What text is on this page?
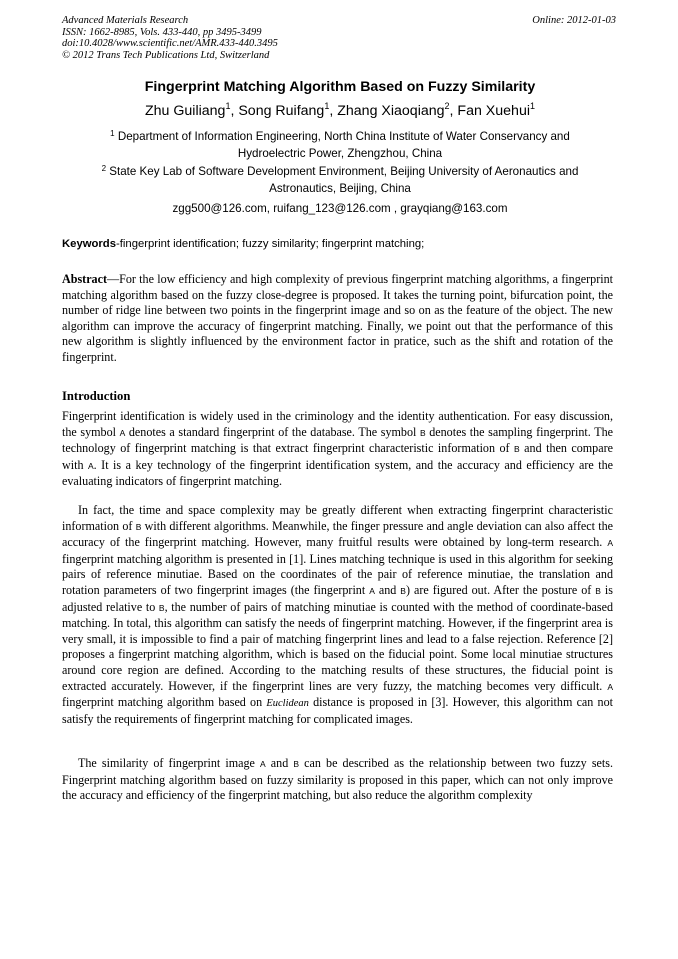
Advanced Materials Research
ISSN: 1662-8985, Vols. 433-440, pp 3495-3499
doi:10.4028/www.scientific.net/AMR.433-440.3495
© 2012 Trans Tech Publications Ltd, Switzerland
Online: 2012-01-03
Fingerprint Matching Algorithm Based on Fuzzy Similarity
Zhu Guiliang$^1$, Song Ruifang$^1$, Zhang Xiaoqiang$^2$, Fan Xuehui$^1$
$^1$ Department of Information Engineering, North China Institute of Water Conservancy and Hydroelectric Power, Zhengzhou, China
$^2$ State Key Lab of Software Development Environment, Beijing University of Aeronautics and Astronautics, Beijing, China
zgg500@126.com, ruifang_123@126.com , grayqiang@163.com
Keywords-fingerprint identification; fuzzy similarity; fingerprint matching;
Abstract—For the low efficiency and high complexity of previous fingerprint matching algorithms, a fingerprint matching algorithm based on the fuzzy close-degree is proposed. It takes the turning point, bifurcation point, the number of ridge line between two points in the fingerprint image and so on as the feature of the object. The new algorithm can improve the accuracy of fingerprint matching. Finally, we point out that the performance of this new algorithm is slightly influenced by the environment factor in pratice, such as the shift and rotation of the fingerprint.
Introduction
Fingerprint identification is widely used in the criminology and the identity authentication. For easy discussion, the symbol A denotes a standard fingerprint of the database. The symbol B denotes the sampling fingerprint. The technology of fingerprint matching is that extract fingerprint characteristic information of B and then compare with A. It is a key technology of the fingerprint identification system, and the accuracy and efficiency are the evaluating indicators of fingerprint matching.
In fact, the time and space complexity may be greatly different when extracting fingerprint characteristic information of B with different algorithms. Meanwhile, the finger pressure and angle deviation can also affect the accuracy of the fingerprint matching. However, many fruitful results were obtained by long-term research. A fingerprint matching algorithm is presented in [1]. Lines matching technique is used in this algorithm for seeking pairs of reference minutiae. Based on the coordinates of the pair of reference minutiae, the translation and rotation parameters of two fingerprint images (the fingerprint A and B) are figured out. After the posture of B is adjusted relative to B, the number of pairs of matching minutiae is counted with the method of coordinate-based matching. In total, this algorithm can satisfy the needs of fingerprint matching. However, if the fingerprint area is very small, it is impossible to find a pair of matching fingerprint lines and lead to a false rejection. Reference [2] proposes a fingerprint matching algorithm, which is based on the fiducial point. Some local minutiae structures around core region are defined. According to the matching results of these structures, the fiducial point is extracted accurately. However, if the fingerprint lines are very fuzzy, the matching becomes very difficult. A fingerprint matching algorithm based on Euclidean distance is proposed in [3]. However, this algorithm can not satisfy the requirements of fingerprint matching for complicated images.
The similarity of fingerprint image A and B can be described as the relationship between two fuzzy sets. Fingerprint matching algorithm based on fuzzy similarity is proposed in this paper, which can not only improve the accuracy and efficiency of the fingerprint matching, but also reduce the algorithm complexity
